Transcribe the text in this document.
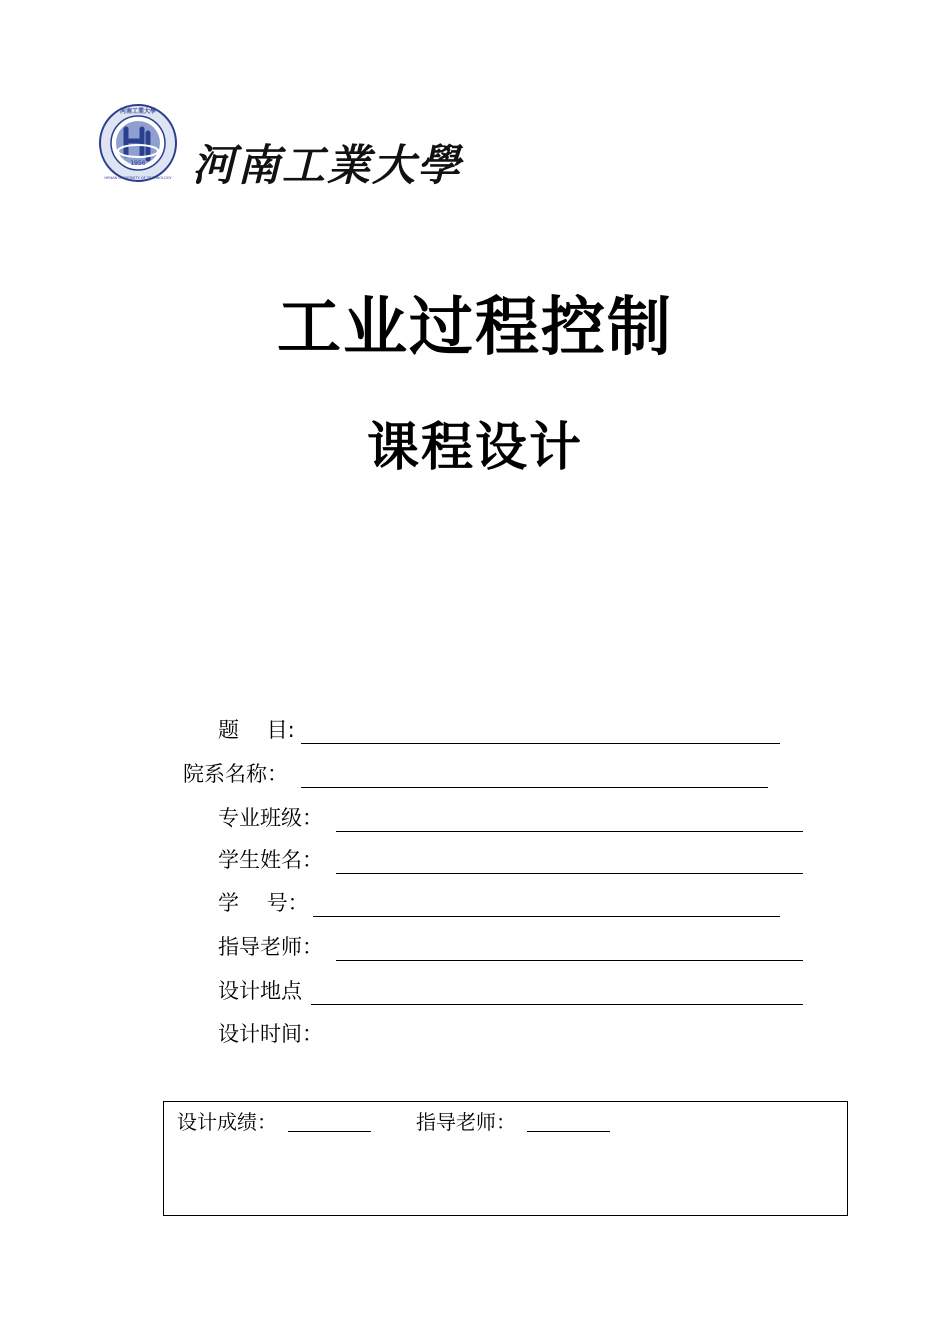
1956
河南工業大學
HENAN UNIVERSITY OF TECHNOLOGY 河南工業大學
工业过程控制
课程设计
题　 目:
院系名称：
专业班级：
学生姓名：
学　 号：
指导老师：
设计地点
设计时间：
设计成绩：	指导老师：
